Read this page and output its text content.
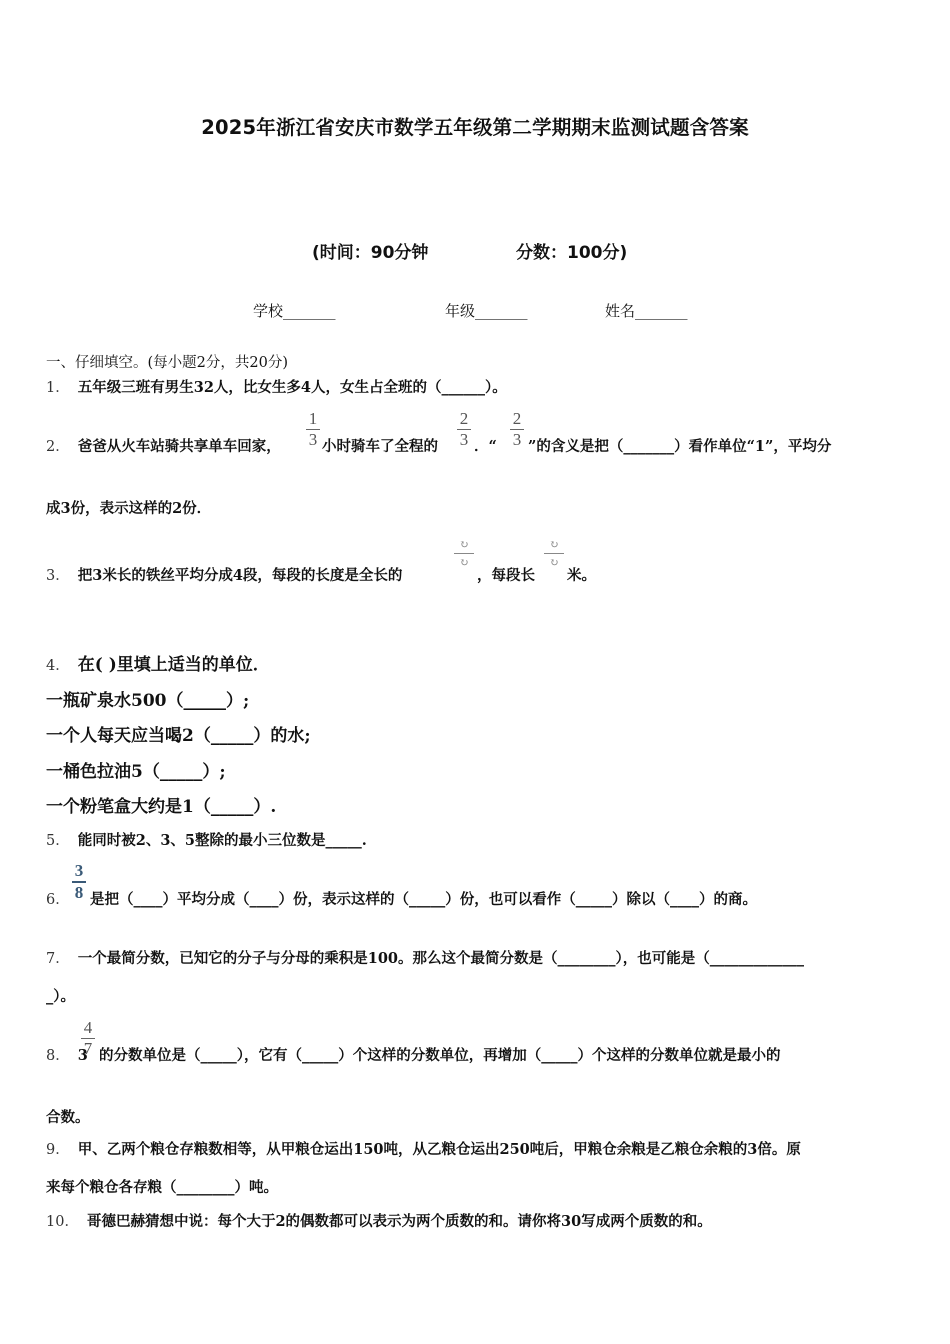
2025年浙江省安庆市数学五年级第二学期期末监测试题含答案
(时间：90分钟	分数：100分)
学校_______	年级_______	姓名_______
一、仔细填空。(每小题2分，共20分)
1． 五年级三班有男生32人，比女生多4人，女生占全班的（______）。
2． 爸爸从火车站骑共享单车回家，
1
3 小时骑车了全程的
2
3 ．“
2
3 ”的含义是把（_______）看作单位“1”，平均分
成3份，表示这样的2份．
3． 把3米长的铁丝平均分成4段，每段的长度是全长的
↻
↻
，每段长
↻
↻
米。
4． 在( )里填上适当的单位．
一瓶矿泉水500（_____）;
一个人每天应当喝2（_____）的水;
一桶色拉油5（_____）;
一个粉笔盒大约是1（_____）.
5． 能同时被2、3、5整除的最小三位数是_____.
6．
3
8 是把（____）平均分成（____）份，表示这样的（_____）份，也可以看作（_____）除以（____）的商。
7． 一个最简分数，已知它的分子与分母的乘积是100。那么这个最简分数是（________），也可能是（_____________
_）。
8． 3
4
7 的分数单位是（_____），它有（_____）个这样的分数单位，再增加（_____）个这样的分数单位就是最小的
合数。
9． 甲、乙两个粮仓存粮数相等，从甲粮仓运出150吨，从乙粮仓运出250吨后，甲粮仓余粮是乙粮仓余粮的3倍。原
来每个粮仓各存粮（________）吨。
10． 哥德巴赫猜想中说：每个大于2的偶数都可以表示为两个质数的和。请你将30写成两个质数的和。
